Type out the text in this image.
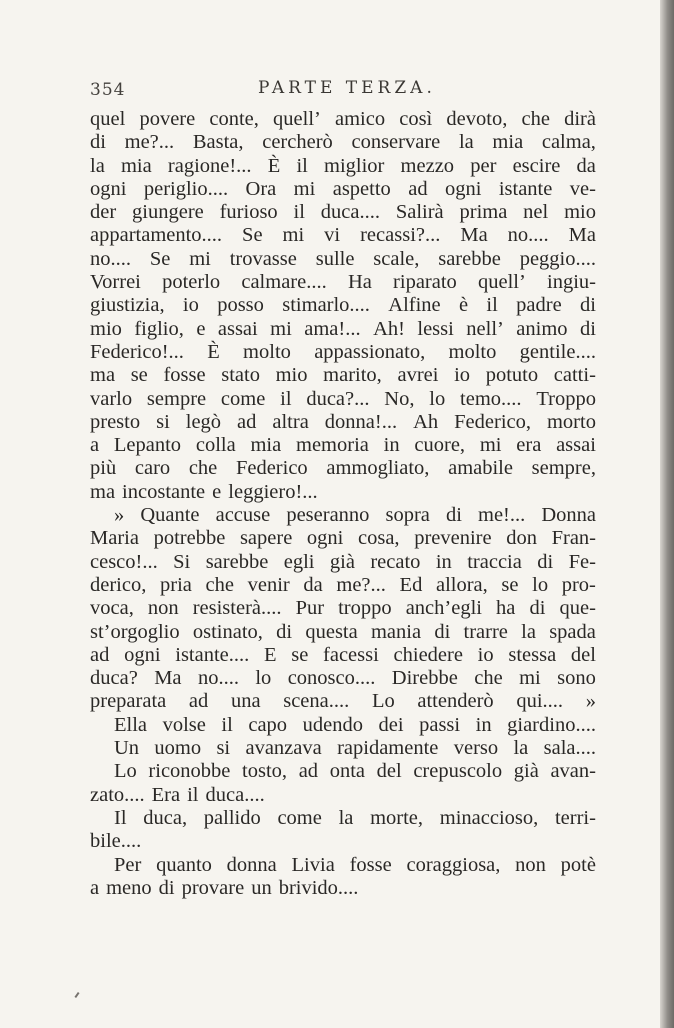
354	PARTE TERZA.
quel povere conte, quell’ amico così devoto, che dirà
di me?... Basta, cercherò conservare la mia calma,
la mia ragione!... È il miglior mezzo per escire da
ogni periglio.... Ora mi aspetto ad ogni istante ve-
der giungere furioso il duca.... Salirà prima nel mio
appartamento.... Se mi vi recassi?... Ma no.... Ma
no.... Se mi trovasse sulle scale, sarebbe peggio....
Vorrei poterlo calmare.... Ha riparato quell’ ingiu-
giustizia, io posso stimarlo.... Alfine è il padre di
mio figlio, e assai mi ama!... Ah! lessi nell’ animo di
Federico!... È molto appassionato, molto gentile....
ma se fosse stato mio marito, avrei io potuto catti-
varlo sempre come il duca?... No, lo temo.... Troppo
presto si legò ad altra donna!... Ah Federico, morto
a Lepanto colla mia memoria in cuore, mi era assai
più caro che Federico ammogliato, amabile sempre,
ma incostante e leggiero!...
» Quante accuse peseranno sopra di me!... Donna
Maria potrebbe sapere ogni cosa, prevenire don Fran-
cesco!... Si sarebbe egli già recato in traccia di Fe-
derico, pria che venir da me?... Ed allora, se lo pro-
voca, non resisterà.... Pur troppo anch’egli ha di que-
st’orgoglio ostinato, di questa mania di trarre la spada
ad ogni istante.... E se facessi chiedere io stessa del
duca? Ma no.... lo conosco.... Direbbe che mi sono
preparata ad una scena.... Lo attenderò qui.... »
Ella volse il capo udendo dei passi in giardino....
Un uomo si avanzava rapidamente verso la sala....
Lo riconobbe tosto, ad onta del crepuscolo già avan-
zato.... Era il duca....
Il duca, pallido come la morte, minaccioso, terri-
bile....
Per quanto donna Livia fosse coraggiosa, non potè
a meno di provare un brivido....
